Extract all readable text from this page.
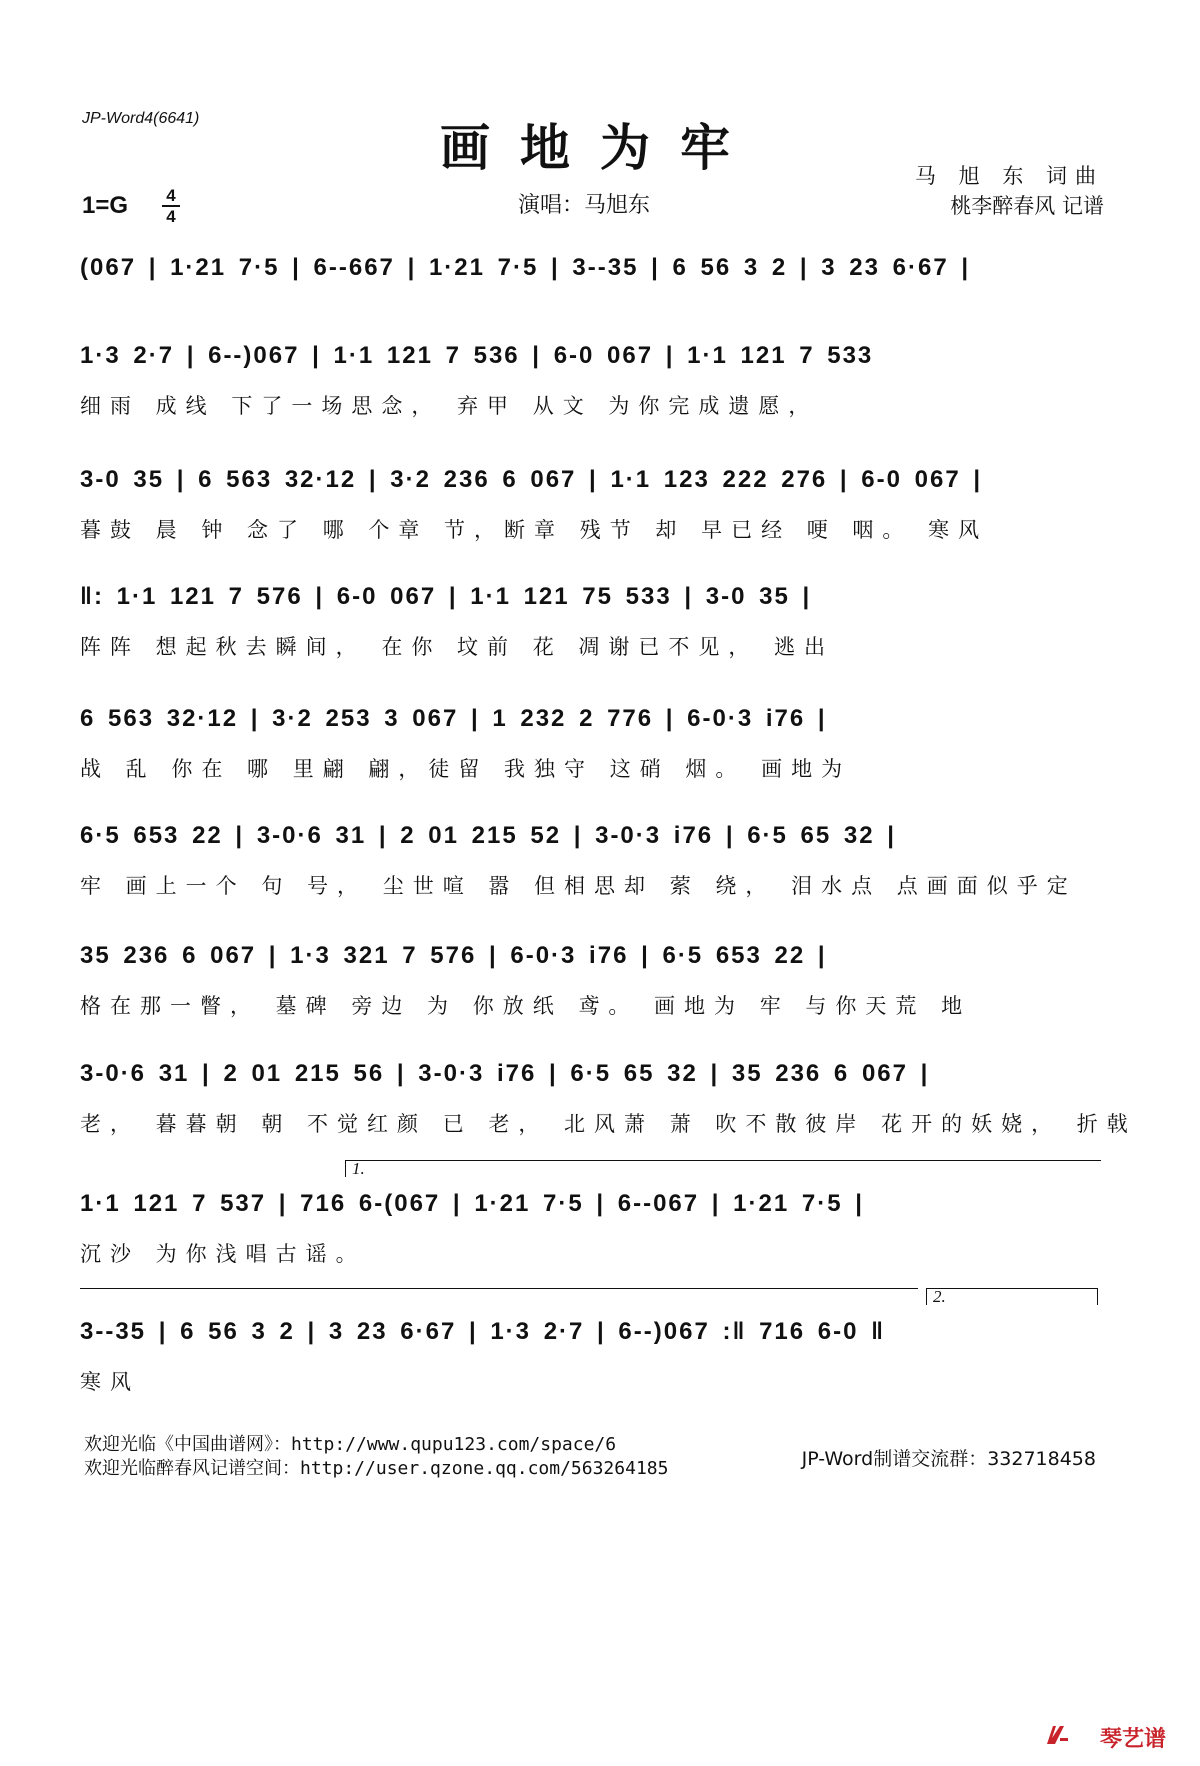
JP-Word4(6641)	画地为牢
1=G	4
4	演唱：马旭东
马 旭 东 词曲
桃李醉春风 记谱
(067 | 1·21 7·5 | 6--667 | 1·21 7·5 | 3--35 | 6 56 3 2 | 3 23 6·67 |
1·3 2·7 | 6--)067 | 1·1 121 7 536 | 6-0 067 | 1·1 121 7 533
细雨 成线 下了一场思念， 弃甲 从文 为你完成遗愿，
3-0 35 | 6 563 32·12 | 3·2 236 6 067 | 1·1 123 222 276 | 6-0 067 |
暮鼓 晨 钟 念了 哪 个章 节，断章 残节 却 早已经 哽 咽。 寒风
‖: 1·1 121 7 576 | 6-0 067 | 1·1 121 75 533 | 3-0 35 |
阵阵 想起秋去瞬间， 在你 坟前 花 凋谢已不见， 逃出
6 563 32·12 | 3·2 253 3 067 | 1 232 2 776 | 6-0·3 i76 |
战 乱 你在 哪 里翩 翩，徒留 我独守 这硝 烟。 画地为
6·5 653 22 | 3-0·6 31 | 2 01 215 52 | 3-0·3 i76 | 6·5 65 32 |
牢 画上一个 句 号， 尘世喧 嚣 但相思却 萦 绕， 泪水点 点画面似乎定
35 236 6 067 | 1·3 321 7 576 | 6-0·3 i76 | 6·5 653 22 |
格在那一瞥， 墓碑 旁边 为 你放纸 鸢。 画地为 牢 与你天荒 地
3-0·6 31 | 2 01 215 56 | 3-0·3 i76 | 6·5 65 32 | 35 236 6 067 |
老， 暮暮朝 朝 不觉红颜 已 老， 北风萧 萧 吹不散彼岸 花开的妖娆， 折戟
1.
1·1 121 7 537 | 716 6-(067 | 1·21 7·5 | 6--067 | 1·21 7·5 |
沉沙 为你浅唱古谣。
2.
3--35 | 6 56 3 2 | 3 23 6·67 | 1·3 2·7 | 6--)067 :‖ 716 6-0 ‖
寒风
欢迎光临《中国曲谱网》：http://www.qupu123.com/space/6
欢迎光临醉春风记谱空间：http://user.qzone.qq.com/563264185	JP-Word制谱交流群：332718458
琴艺谱
